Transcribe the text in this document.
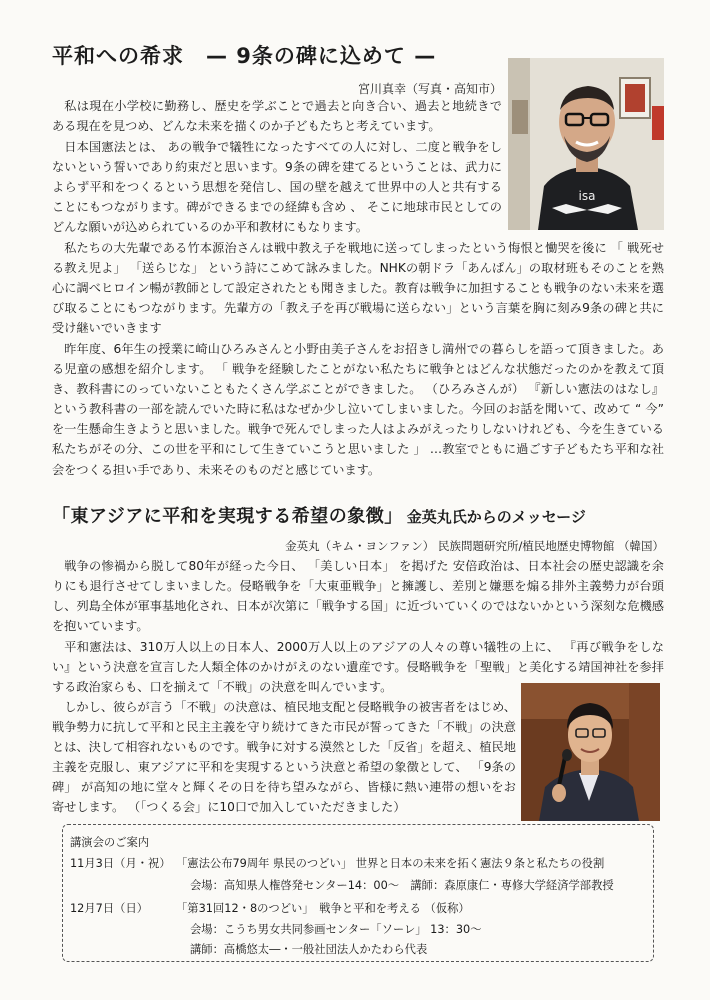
平和への希求　— 9条の碑に込めて —
宮川真幸（写真・高知市）
isa

私は現在小学校に勤務し、歴史を学ぶことで過去と向き合い、過去と地続きである現在を見つめ、どんな未来を描くのか子どもたちと考えています。

日本国憲法とは、 あの戦争で犠牲になったすべての人に対し、二度と戦争をしないという誓いであり約束だと思います。9条の碑を建てるということは、武力によらず平和をつくるという思想を発信し、国の壁を越えて世界中の人と共有することにもつながります。碑ができるまでの経緯も含め 、 そこに地球市民としてのどんな願いが込められているのか平和教材にもなります。

私たちの大先輩である竹本源治さんは戦中教え子を戦地に送ってしまったという悔恨と慟哭を後に 「 戦死せる教え児よ」 「送らじな」 という詩にこめて詠みました。NHKの朝ドラ「あんぱん」の取材班もそのことを熟心に調べヒロイン暢が教師として設定されたとも聞きました。教育は戦争に加担することも戦争のない未来を選び取ることにもつながります。先輩方の「教え子を再び戦場に送らない」という言葉を胸に刻み9条の碑と共に受け継いでいきます

昨年度、6年生の授業に崎山ひろみさんと小野由美子さんをお招きし満州での暮らしを語って頂きました。ある児童の感想を紹介します。 「 戦争を経験したことがない私たちに戦争とはどんな状態だったのかを教えて頂き、教科書にのっていないこともたくさん学ぶことができました。 （ひろみさんが） 『新しい憲法のはなし』という教科書の一部を読んでいた時に私はなぜか少し泣いてしまいました。今回のお話を聞いて、改めて “ 今” を一生懸命生きようと思いました。戦争で死んでしまった人はよみがえったりしないけれども、今を生きている私たちがその分、この世を平和にして生きていこうと思いました 」 …教室でともに過ごす子どもたち平和な社会をつくる担い手であり、未来そのものだと感じています。

「東アジアに平和を実現する希望の象徴」 金英丸氏からのメッセージ
金英丸（キム・ヨンファン） 民族問題研究所/植民地歴史博物館 （韓国）

戦争の惨禍から脱して80年が経った今日、 「美しい日本」 を掲げた 安倍政治は、日本社会の歴史認識を余りにも退行させてしまいました。侵略戦争を「大東亜戦争」と擁護し、差別と嫌悪を煽る排外主義勢力が台頭し、列島全体が軍事基地化され、日本が次第に「戦争する国」に近づいていくのではないかという深刻な危機感を抱いています。

平和憲法は、310万人以上の日本人、2000万人以上のアジアの人々の尊い犠牲の上に、 『再び戦争をしない』という決意を宣言した人類全体のかけがえのない遺産です。侵略戦争を「聖戦」と美化する靖国神社を参拝する政治家らも、口を揃えて「不戦」の決意を叫んでいます。

しかし、彼らが言う「不戦」の決意は、植民地支配と侵略戦争の被害者をはじめ、戦争勢力に抗して平和と民主主義を守り続けてきた市民が誓ってきた「不戦」の決意とは、決して相容れないものです。戦争に対する漠然とした「反省」を超え、植民地主義を克服し、東アジアに平和を実現するという決意と希望の象徴として、 「9条の碑」 が高知の地に堂々と輝くその日を待ち望みながら、皆様に熱い連帯の想いをお寄せします。 （「つくる会」に10口で加入していただきました）

講演会のご案内
11月3日（月・祝） 「憲法公布79周年 県民のつどい」 世界と日本の未来を拓く憲法９条と私たちの役割
会場：高知県人権啓発センター14：00～　講師：森原康仁・専修大学経済学部教授
12月7日（日） 「第31回12・8のつどい」　戦争と平和を考える （仮称）
会場：こうち男女共同参画センター「ソーレ」 13：30～
講師：高橋悠太―・一般社団法人かたわら代表
